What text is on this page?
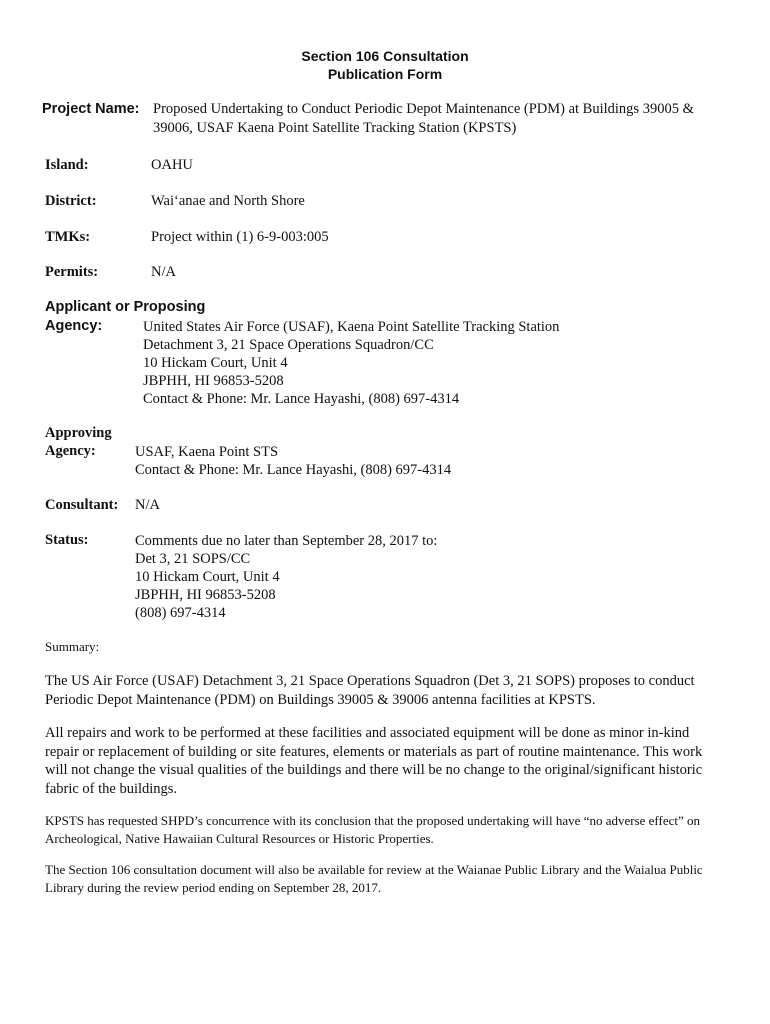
Section 106 Consultation
Publication Form
Project Name: Proposed Undertaking to Conduct Periodic Depot Maintenance (PDM) at Buildings 39005 &
39006, USAF Kaena Point Satellite Tracking Station (KPSTS)
Island:	OAHU
District:	Wai‘anae and North Shore
TMKs:	Project within (1) 6-9-003:005
Permits:	N/A
Applicant or Proposing
Agency:	United States Air Force (USAF), Kaena Point Satellite Tracking Station
Detachment 3, 21 Space Operations Squadron/CC
10 Hickam Court, Unit 4
JBPHH, HI 96853-5208
Contact & Phone: Mr. Lance Hayashi, (808) 697-4314
Approving
Agency:	USAF, Kaena Point STS
Contact & Phone: Mr. Lance Hayashi, (808) 697-4314
Consultant: N/A
Status:	Comments due no later than September 28, 2017 to:
Det 3, 21 SOPS/CC
10 Hickam Court, Unit 4
JBPHH, HI 96853-5208
(808) 697-4314
Summary:
The US Air Force (USAF) Detachment 3, 21 Space Operations Squadron (Det 3, 21 SOPS) proposes to conduct Periodic Depot Maintenance (PDM) on Buildings 39005 & 39006 antenna facilities at KPSTS.
All repairs and work to be performed at these facilities and associated equipment will be done as minor in-kind repair or replacement of building or site features, elements or materials as part of routine maintenance. This work will not change the visual qualities of the buildings and there will be no change to the original/significant historic fabric of the buildings.
KPSTS has requested SHPD’s concurrence with its conclusion that the proposed undertaking will have “no adverse effect” on Archeological, Native Hawaiian Cultural Resources or Historic Properties.
The Section 106 consultation document will also be available for review at the Waianae Public Library and the Waialua Public Library during the review period ending on September 28, 2017.
